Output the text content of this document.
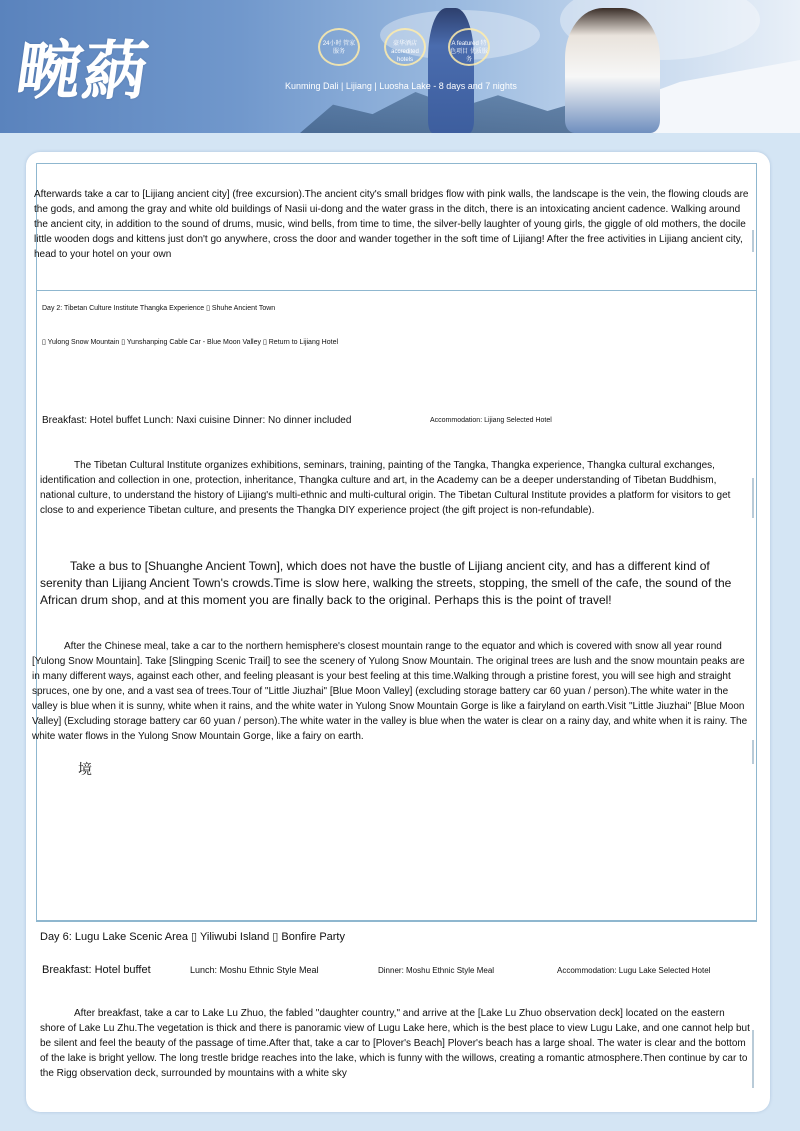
畹蒳	24小时 管家服务
豪华酒店 accredited hotels
A featured 特色项目 优质服务
Kunming Dali | Lijiang | Luosha Lake - 8 days and 7 nights

Afterwards take a car to [Lijiang ancient city] (free excursion).The ancient city's small bridges flow with pink walls, the landscape is the vein, the flowing clouds are the gods, and among the gray and white old buildings of Nasii ui-dong and the water grass in the ditch, there is an intoxicating ancient cadence. Walking around the ancient city, in addition to the sound of drums, music, wind bells, from time to time, the silver-belly laughter of young girls, the giggle of old mothers, the docile little wooden dogs and kittens just don't go anywhere, cross the door and wander together in the soft time of Lijiang! After the free activities in Lijiang ancient city, head to your hotel on your own

Day 2: Tibetan Culture Institute Thangka Experience ▯ Shuhe Ancient Town
▯ Yulong Snow Mountain ▯ Yunshanping Cable Car - Blue Moon Valley ▯ Return to Lijiang Hotel
Breakfast: Hotel buffet Lunch: Naxi cuisine Dinner: No dinner included	Accommodation: Lijiang Selected Hotel

The Tibetan Cultural Institute organizes exhibitions, seminars, training, painting of the Tangka, Thangka experience, Thangka cultural exchanges, identification and collection in one, protection, inheritance, Thangka culture and art, in the Academy can be a deeper understanding of Tibetan Buddhism, national culture, to understand the history of Lijiang's multi-ethnic and multi-cultural origin. The Tibetan Cultural Institute provides a platform for visitors to get close to and experience Tibetan culture, and presents the Thangka DIY experience project (the gift project is non-refundable).

Take a bus to [Shuanghe Ancient Town], which does not have the bustle of Lijiang ancient city, and has a different kind of serenity than Lijiang Ancient Town's crowds.Time is slow here, walking the streets, stopping, the smell of the cafe, the sound of the African drum shop, and at this moment you are finally back to the original. Perhaps this is the point of travel!

After the Chinese meal, take a car to the northern hemisphere's closest mountain range to the equator and which is covered with snow all year round [Yulong Snow Mountain]. Take [Slingping Scenic Trail] to see the scenery of Yulong Snow Mountain. The original trees are lush and the snow mountain peaks are in many different ways, against each other, and feeling pleasant is your best feeling at this time.Walking through a pristine forest, you will see high and straight spruces, one by one, and a vast sea of trees.Tour of "Little Jiuzhai" [Blue Moon Valley] (excluding storage battery car 60 yuan / person).The white water in the valley is blue when it is sunny, white when it rains, and the white water in Yulong Snow Mountain Gorge is like a fairyland on earth.Visit "Little Jiuzhai" [Blue Moon Valley] (Excluding storage battery car 60 yuan / person).The white water in the valley is blue when the water is clear on a rainy day, and white when it is rainy. The white water flows in the Yulong Snow Mountain Gorge, like a fairy on earth.

境
Day 6: Lugu Lake Scenic Area ▯ Yiliwubi Island ▯ Bonfire Party
Breakfast: Hotel buffet	Lunch: Moshu Ethnic Style Meal	Dinner: Moshu Ethnic Style Meal	Accommodation: Lugu Lake Selected Hotel

After breakfast, take a car to Lake Lu Zhuo, the fabled "daughter country," and arrive at the [Lake Lu Zhuo observation deck] located on the eastern shore of Lake Lu Zhu.The vegetation is thick and there is panoramic view of Lugu Lake here, which is the best place to view Lugu Lake, and one cannot help but be silent and feel the beauty of the passage of time.After that, take a car to [Plover's Beach] Plover's beach has a large shoal. The water is clear and the bottom of the lake is bright yellow. The long trestle bridge reaches into the lake, which is funny with the willows, creating a romantic atmosphere.Then continue by car to the Rigg observation deck, surrounded by mountains with a white sky
